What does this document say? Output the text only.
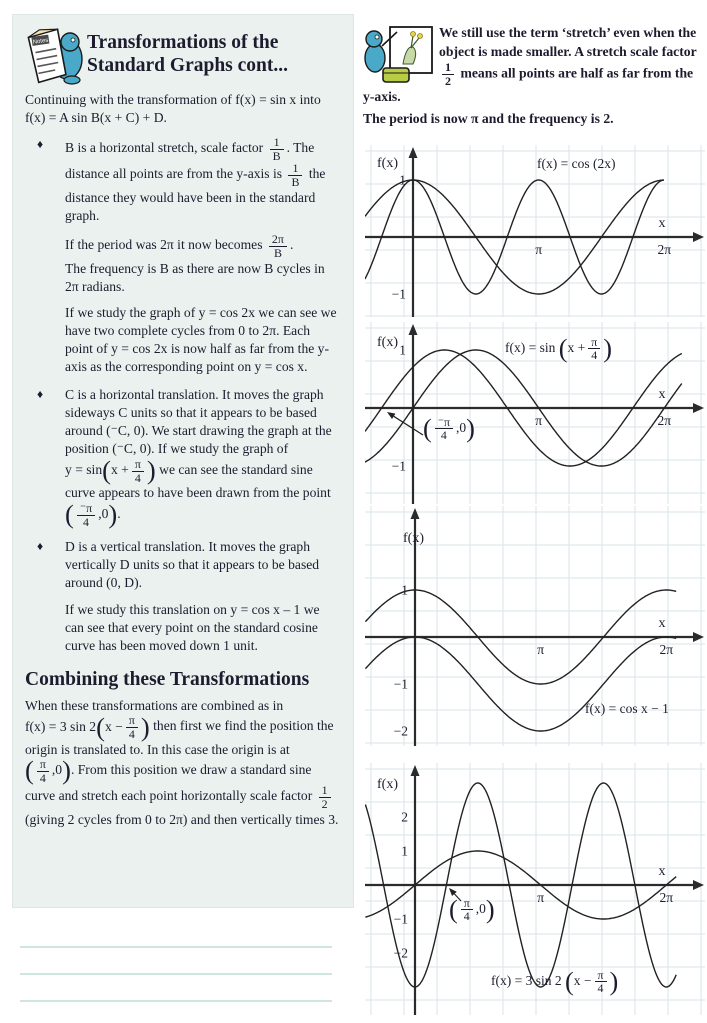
Notes Transformations of the
Standard Graphs cont...

Continuing with the transformation of f(x) = sin x into f(x) = A sin B(x + C) + D.

♦ B is a horizontal stretch, scale factor $\frac{1}{B}$ . The distance all points are from the y-axis is $\frac{1}{B}$ the distance they would have been in the standard graph.

If the period was 2π it now becomes $\frac{2\pi}{B}$ .
The frequency is B as there are now B cycles in 2π radians.

If we study the graph of y = cos 2x we can see we have two complete cycles from 0 to 2π. Each point of y = cos 2x is now half as far from the y-axis as the corresponding point on y = cos x.

♦ C is a horizontal translation. It moves the graph sideways C units so that it appears to be based around (⁻C, 0). We start drawing the graph at the position (⁻C, 0). If we study the graph of $y = \sin(x + \frac{\pi}{4}$ ) we can see the standard sine curve appears to have been drawn from the point ( $\frac{^-\pi}{4} ,0$).

♦ D is a vertical translation. It moves the graph vertically D units so that it appears to be based around (0, D).

If we study this translation on y = cos x – 1 we can see that every point on the standard cosine curve has been moved down 1 unit.

Combining these Transformations

When these transformations are combined as in f(x) = 3 $\sin 2(x - \frac{\pi}{4}$ ) then first we find the position the origin is translated to. In this case the origin is at ( $\frac{\pi}{4} ,0$). From this position we draw a standard sine curve and stretch each point horizontally scale factor $\frac{1}{2}$
(giving 2 cycles from 0 to 2π) and then vertically times 3.

We still use the term ‘stretch’ even when the object is made smaller. A stretch scale factor
$\frac{1}{2}$ means all points are half as far from the y-axis.

The period is now π and the frequency is 2.

1
−1
π	2π
f(x)
x
f(x) = cos (2x)
1
−1
π	2π
f(x)
x
$f(x) = \sin (x + \frac{\pi}{4}$ )
( $\frac{^-\pi}{4} ,0$)
1
−1
−2
π	2π
f(x)
x
f(x) = cos x − 1
2
1
−1
−2
π	2π
f(x)
x
f(x) = 3 sin 2 ($x - \frac{\pi}{4}$ )
( $\frac{\pi}{4} ,0$)
